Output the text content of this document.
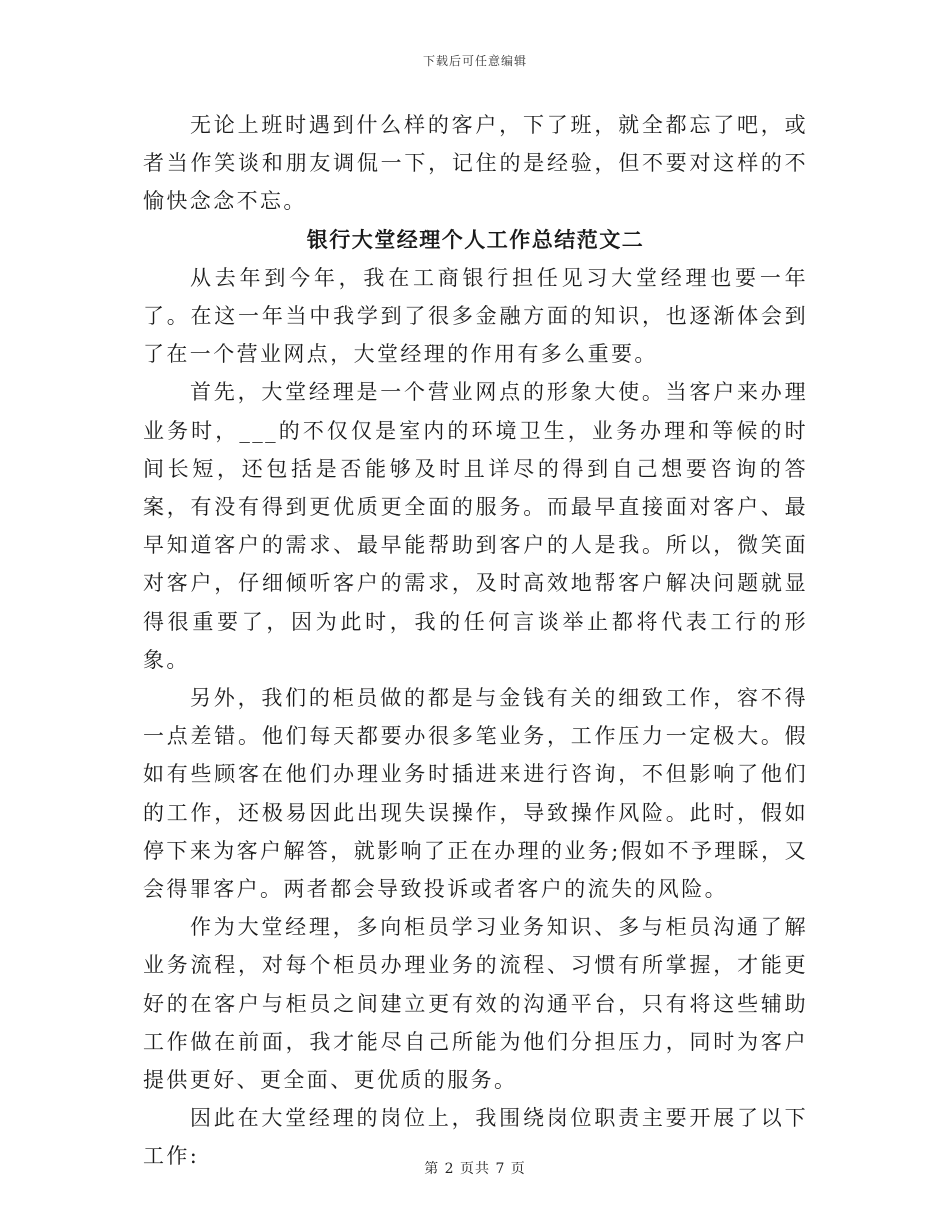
下载后可任意编辑

无论上班时遇到什么样的客户，下了班，就全都忘了吧，或者当作笑谈和朋友调侃一下，记住的是经验，但不要对这样的不愉快念念不忘。

银行大堂经理个人工作总结范文二

从去年到今年，我在工商银行担任见习大堂经理也要一年了。在这一年当中我学到了很多金融方面的知识，也逐渐体会到了在一个营业网点，大堂经理的作用有多么重要。

首先，大堂经理是一个营业网点的形象大使。当客户来办理业务时，___的不仅仅是室内的环境卫生，业务办理和等候的时间长短，还包括是否能够及时且详尽的得到自己想要咨询的答案，有没有得到更优质更全面的服务。而最早直接面对客户、最早知道客户的需求、最早能帮助到客户的人是我。所以，微笑面对客户，仔细倾听客户的需求，及时高效地帮客户解决问题就显得很重要了，因为此时，我的任何言谈举止都将代表工行的形象。

另外，我们的柜员做的都是与金钱有关的细致工作，容不得一点差错。他们每天都要办很多笔业务，工作压力一定极大。假如有些顾客在他们办理业务时插进来进行咨询，不但影响了他们的工作，还极易因此出现失误操作，导致操作风险。此时，假如停下来为客户解答，就影响了正在办理的业务;假如不予理睬，又会得罪客户。两者都会导致投诉或者客户的流失的风险。

作为大堂经理，多向柜员学习业务知识、多与柜员沟通了解业务流程，对每个柜员办理业务的流程、习惯有所掌握，才能更好的在客户与柜员之间建立更有效的沟通平台，只有将这些辅助工作做在前面，我才能尽自己所能为他们分担压力，同时为客户提供更好、更全面、更优质的服务。

因此在大堂经理的岗位上，我围绕岗位职责主要开展了以下工作:

第 2 页共 7 页
